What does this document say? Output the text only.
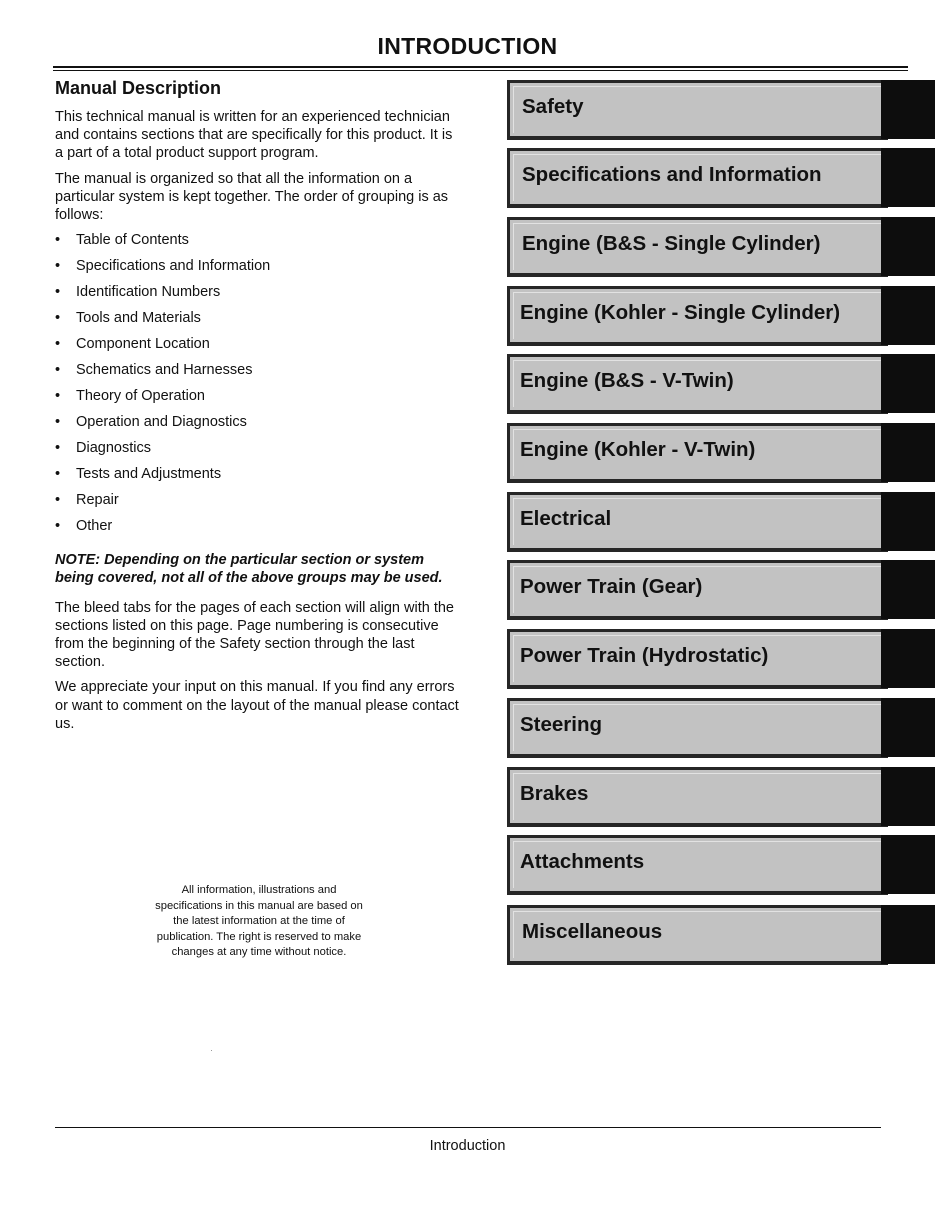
INTRODUCTION
Manual Description

This technical manual is written for an experienced technician and contains sections that are specifically for this product. It is a part of a total product support program.

The manual is organized so that all the information on a particular system is kept together. The order of grouping is as follows:

• Table of Contents
• Specifications and Information
• Identification Numbers
• Tools and Materials
• Component Location
• Schematics and Harnesses
• Theory of Operation
• Operation and Diagnostics
• Diagnostics
• Tests and Adjustments
• Repair
• Other

NOTE: Depending on the particular section or system being covered, not all of the above groups may be used.

The bleed tabs for the pages of each section will align with the sections listed on this page. Page numbering is consecutive from the beginning of the Safety section through the last section.

We appreciate your input on this manual. If you find any errors or want to comment on the layout of the manual please contact us.

All information, illustrations and specifications in this manual are based on the latest information at the time of publication. The right is reserved to make changes at any time without notice.
Safety
Specifications and Information
Engine (B&S - Single Cylinder)
Engine (Kohler - Single Cylinder)
Engine (B&S - V-Twin)
Engine (Kohler - V-Twin)
Electrical
Power Train (Gear)
Power Train (Hydrostatic)
Steering
Brakes
Attachments
Miscellaneous
Introduction
